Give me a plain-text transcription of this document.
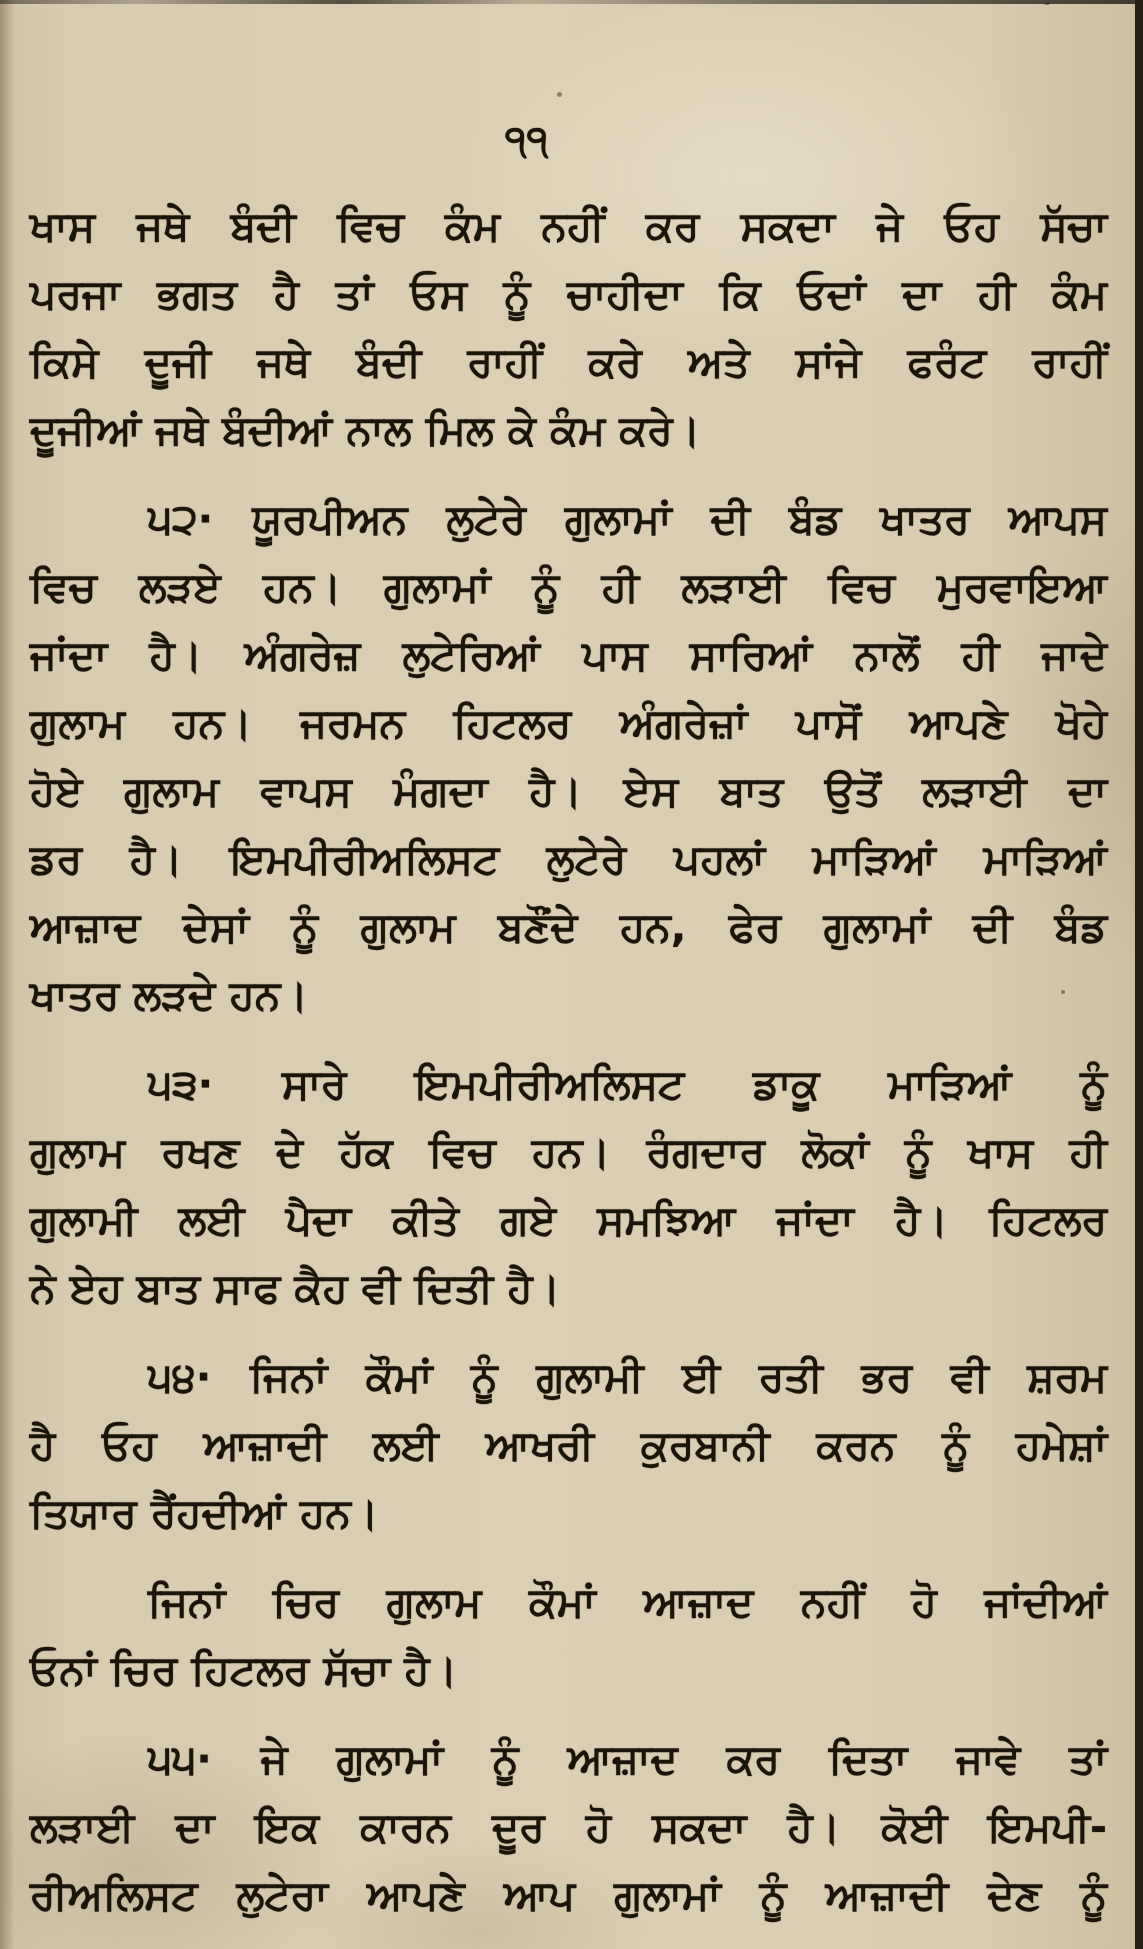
੧੧
ਖਾਸ ਜਥੇ ਬੰਦੀ ਵਿਚ ਕੰਮ ਨਹੀਂ ਕਰ ਸਕਦਾ ਜੇ ਓਹ ਸੱਚਾ
ਪਰਜਾ ਭਗਤ ਹੈ ਤਾਂ ਓਸ ਨੂੰ ਚਾਹੀਦਾ ਕਿ ਓਦਾਂ ਦਾ ਹੀ ਕੰਮ
ਕਿਸੇ ਦੂਜੀ ਜਥੇ ਬੰਦੀ ਰਾਹੀਂ ਕਰੇ ਅਤੇ ਸਾਂਜੇ ਫਰੰਟ ਰਾਹੀਂ
ਦੂਜੀਆਂ ਜਥੇ ਬੰਦੀਆਂ ਨਾਲ ਮਿਲ ਕੇ ਕੰਮ ਕਰੇ।
੫੨· ਯੂਰਪੀਅਨ ਲੁਟੇਰੇ ਗੁਲਾਮਾਂ ਦੀ ਬੰਡ ਖਾਤਰ ਆਪਸ
ਵਿਚ ਲੜਏ ਹਨ। ਗੁਲਾਮਾਂ ਨੂੰ ਹੀ ਲੜਾਈ ਵਿਚ ਮੁਰਵਾਇਆ
ਜਾਂਦਾ ਹੈ। ਅੰਗਰੇਜ਼ ਲੁਟੇਰਿਆਂ ਪਾਸ ਸਾਰਿਆਂ ਨਾਲੋਂ ਹੀ ਜਾਦੇ
ਗੁਲਾਮ ਹਨ। ਜਰਮਨ ਹਿਟਲਰ ਅੰਗਰੇਜ਼ਾਂ ਪਾਸੋਂ ਆਪਣੇ ਖੋਹੇ
ਹੋਏ ਗੁਲਾਮ ਵਾਪਸ ਮੰਗਦਾ ਹੈ। ਏਸ ਬਾਤ ਉਤੋਂ ਲੜਾਈ ਦਾ
ਡਰ ਹੈ। ਇਮਪੀਰੀਅਲਿਸਟ ਲੁਟੇਰੇ ਪਹਲਾਂ ਮਾੜਿਆਂ ਮਾੜਿਆਂ
ਆਜ਼ਾਦ ਦੇਸਾਂ ਨੂੰ ਗੁਲਾਮ ਬਣੌਂਦੇ ਹਨ, ਫੇਰ ਗੁਲਾਮਾਂ ਦੀ ਬੰਡ
ਖਾਤਰ ਲੜਦੇ ਹਨ।
੫੩· ਸਾਰੇ ਇਮਪੀਰੀਅਲਿਸਟ ਡਾਕੂ ਮਾੜਿਆਂ ਨੂੰ
ਗੁਲਾਮ ਰਖਣ ਦੇ ਹੱਕ ਵਿਚ ਹਨ। ਰੰਗਦਾਰ ਲੋਕਾਂ ਨੂੰ ਖਾਸ ਹੀ
ਗੁਲਾਮੀ ਲਈ ਪੈਦਾ ਕੀਤੇ ਗਏ ਸਮਝਿਆ ਜਾਂਦਾ ਹੈ। ਹਿਟਲਰ
ਨੇ ਏਹ ਬਾਤ ਸਾਫ ਕੈਹ ਵੀ ਦਿਤੀ ਹੈ।
੫੪· ਜਿਨਾਂ ਕੌਮਾਂ ਨੂੰ ਗੁਲਾਮੀ ਈ ਰਤੀ ਭਰ ਵੀ ਸ਼ਰਮ
ਹੈ ਓਹ ਆਜ਼ਾਦੀ ਲਈ ਆਖਰੀ ਕੁਰਬਾਨੀ ਕਰਨ ਨੂੰ ਹਮੇਸ਼ਾਂ
ਤਿਯਾਰ ਰੈਂਹਦੀਆਂ ਹਨ।
ਜਿਨਾਂ ਚਿਰ ਗੁਲਾਮ ਕੌਮਾਂ ਆਜ਼ਾਦ ਨਹੀਂ ਹੋ ਜਾਂਦੀਆਂ
ਓਨਾਂ ਚਿਰ ਹਿਟਲਰ ਸੱਚਾ ਹੈ।
੫੫· ਜੇ ਗੁਲਾਮਾਂ ਨੂੰ ਆਜ਼ਾਦ ਕਰ ਦਿਤਾ ਜਾਵੇ ਤਾਂ
ਲੜਾਈ ਦਾ ਇਕ ਕਾਰਨ ਦੂਰ ਹੋ ਸਕਦਾ ਹੈ। ਕੋਈ ਇਮਪੀ-
ਰੀਅਲਿਸਟ ਲੁਟੇਰਾ ਆਪਣੇ ਆਪ ਗੁਲਾਮਾਂ ਨੂੰ ਆਜ਼ਾਦੀ ਦੇਣ ਨੂੰ
